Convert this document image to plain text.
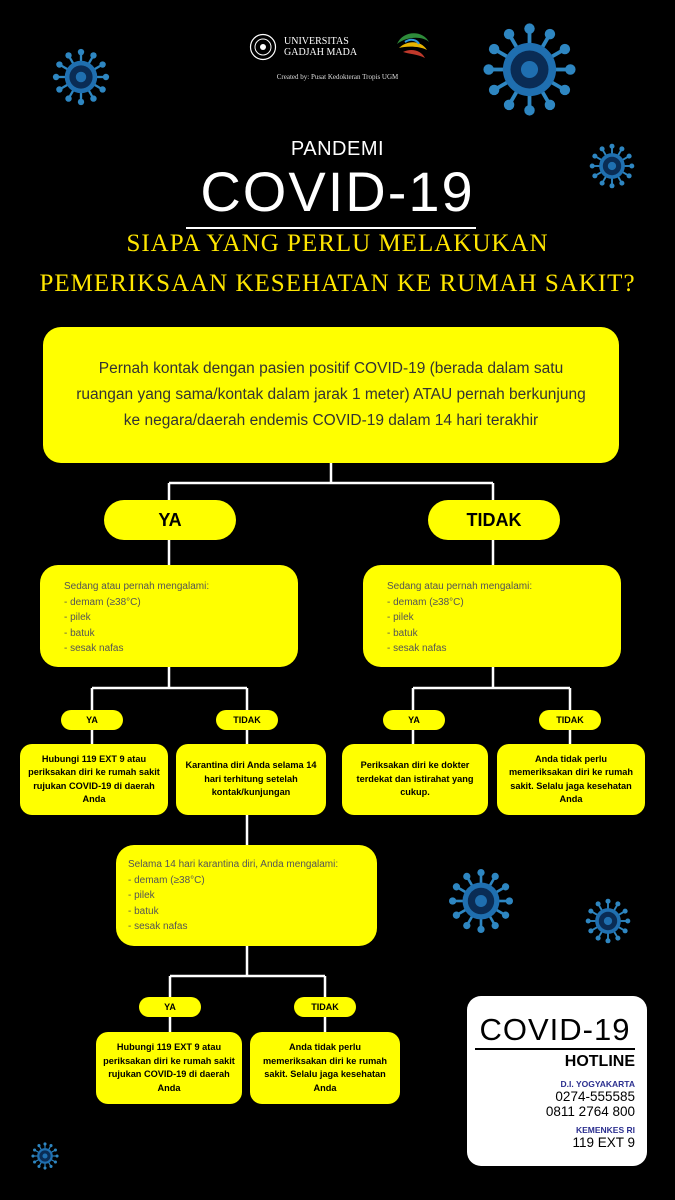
UNIVERSITAS
GADJAH MADA
Created by: Pusat Kedokteran Tropis UGM
PANDEMI
COVID-19
SIAPA YANG PERLU MELAKUKAN
PEMERIKSAAN KESEHATAN KE RUMAH SAKIT?
Pernah kontak dengan pasien positif COVID-19 (berada dalam satu ruangan yang sama/kontak dalam jarak 1 meter) ATAU pernah berkunjung ke negara/daerah endemis COVID-19 dalam 14 hari terakhir
YA	TIDAK
Sedang atau pernah mengalami:
- demam (≥38°C)
- pilek
- batuk
- sesak nafas
Sedang atau pernah mengalami:
- demam (≥38°C)
- pilek
- batuk
- sesak nafas
YA	TIDAK	YA	TIDAK
Hubungi 119 EXT 9 atau periksakan diri ke rumah sakit rujukan COVID-19 di daerah Anda
Karantina diri Anda selama 14 hari terhitung setelah kontak/kunjungan
Periksakan diri ke dokter terdekat dan istirahat yang cukup.
Anda tidak perlu memeriksakan diri ke rumah sakit. Selalu jaga kesehatan Anda
Selama 14 hari karantina diri, Anda mengalami:
- demam (≥38°C)
- pilek
- batuk
- sesak nafas
YA	TIDAK
Hubungi 119 EXT 9 atau periksakan diri ke rumah sakit rujukan COVID-19 di daerah Anda
Anda tidak perlu memeriksakan diri ke rumah sakit. Selalu jaga kesehatan Anda
COVID-19
HOTLINE
D.I. YOGYAKARTA
0274-555585
0811 2764 800
KEMENKES RI
119 EXT 9
